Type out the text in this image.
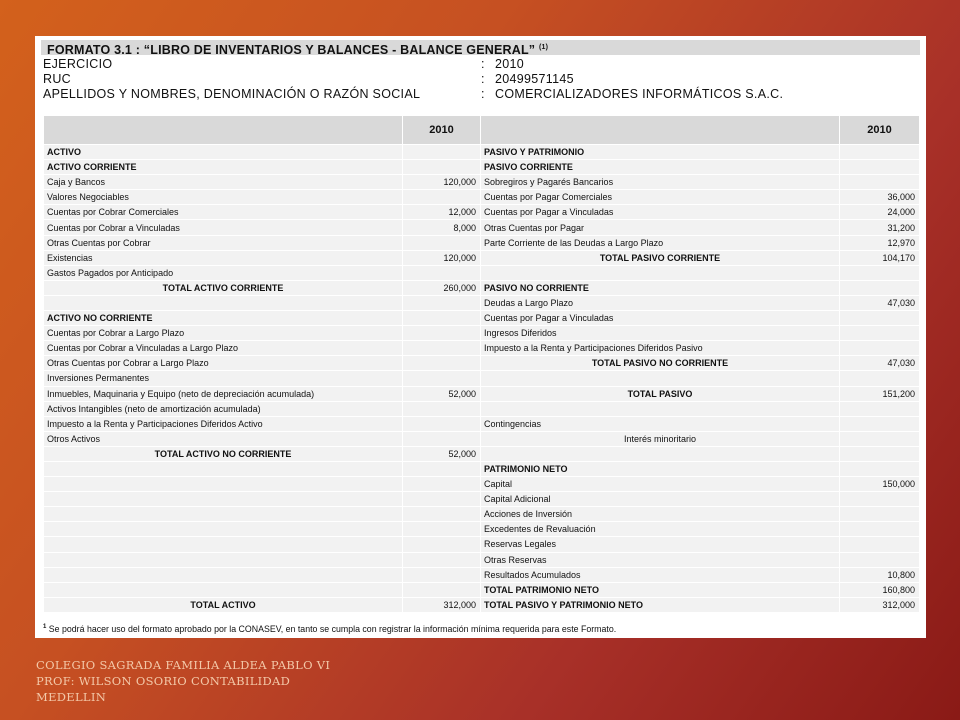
FORMATO 3.1 : “LIBRO DE INVENTARIOS Y BALANCES - BALANCE GENERAL” $^{(1)}$
EJERCICIO	: 2010
RUC	: 20499571145
APELLIDOS Y NOMBRES, DENOMINACIÓN O RAZÓN SOCIAL	: COMERCIALIZADORES INFORMÁTICOS S.A.C.
	2010		2010
ACTIVO		PASIVO Y PATRIMONIO	
ACTIVO CORRIENTE		PASIVO CORRIENTE	
Caja y Bancos	120,000	Sobregiros y Pagarés Bancarios	
Valores Negociables		Cuentas por Pagar Comerciales	36,000
Cuentas por Cobrar Comerciales	12,000	Cuentas por Pagar a Vinculadas	24,000
Cuentas por Cobrar a Vinculadas	8,000	Otras Cuentas por Pagar	31,200
Otras Cuentas por Cobrar		Parte Corriente de las Deudas a Largo Plazo	12,970
Existencias	120,000	TOTAL PASIVO CORRIENTE	104,170
Gastos Pagados por Anticipado			
TOTAL ACTIVO CORRIENTE	260,000	PASIVO NO CORRIENTE	
		Deudas a Largo Plazo	47,030
ACTIVO NO CORRIENTE		Cuentas por Pagar a Vinculadas	
Cuentas por Cobrar a Largo Plazo		Ingresos Diferidos	
Cuentas por Cobrar a Vinculadas a Largo Plazo		Impuesto a la Renta y Participaciones Diferidos Pasivo	
Otras Cuentas por Cobrar a Largo Plazo		TOTAL PASIVO NO CORRIENTE	47,030
Inversiones Permanentes			
Inmuebles, Maquinaria y Equipo (neto de depreciación acumulada)	52,000	TOTAL PASIVO	151,200
Activos Intangibles (neto de amortización acumulada)			
Impuesto a la Renta y Participaciones Diferidos Activo		Contingencias	
Otros Activos		Interés minoritario	
TOTAL ACTIVO NO CORRIENTE	52,000		
		PATRIMONIO NETO	
		Capital	150,000
		Capital Adicional	
		Acciones de Inversión	
		Excedentes de Revaluación	
		Reservas Legales	
		Otras Reservas	
		Resultados Acumulados	10,800
		TOTAL PATRIMONIO NETO	160,800
TOTAL ACTIVO	312,000	TOTAL PASIVO Y PATRIMONIO NETO	312,000
$^1$ Se podrá hacer uso del formato aprobado por la CONASEV, en tanto se cumpla con registrar la información mínima requerida para este Formato.
COLEGIO SAGRADA FAMILIA ALDEA PABLO VI
PROF: WILSON OSORIO CONTABILIDAD
MEDELLIN
